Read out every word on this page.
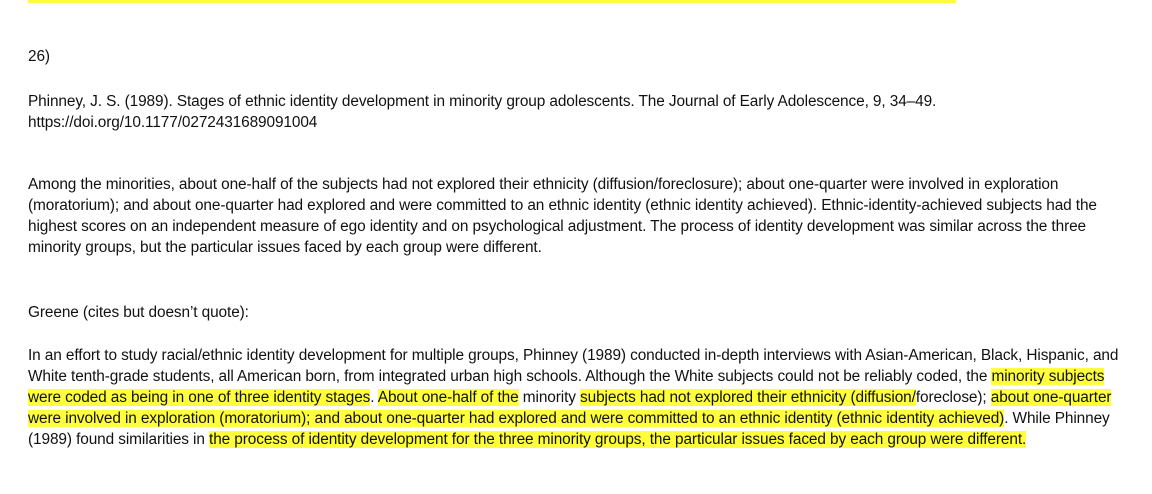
26)
Phinney, J. S. (1989). Stages of ethnic identity development in minority group adolescents. The Journal of Early Adolescence, 9, 34–49.
https://doi.org/10.1177/0272431689091004
Among the minorities, about one-half of the subjects had not explored their ethnicity (diffusion/foreclosure); about one-quarter were involved in exploration (moratorium); and about one-quarter had explored and were committed to an ethnic identity (ethnic identity achieved). Ethnic-identity-achieved subjects had the highest scores on an independent measure of ego identity and on psychological adjustment. The process of identity development was similar across the three minority groups, but the particular issues faced by each group were different.
Greene (cites but doesn’t quote):
In an effort to study racial/ethnic identity development for multiple groups, Phinney (1989) conducted in-depth interviews with Asian-American, Black, Hispanic, and White tenth-grade students, all American born, from integrated urban high schools. Although the White subjects could not be reliably coded, the minority subjects were coded as being in one of three identity stages. About one-half of the minority subjects had not explored their ethnicity (diffusion/foreclose); about one-quarter were involved in exploration (moratorium); and about one-quarter had explored and were committed to an ethnic identity (ethnic identity achieved). While Phinney (1989) found similarities in the process of identity development for the three minority groups, the particular issues faced by each group were different.
